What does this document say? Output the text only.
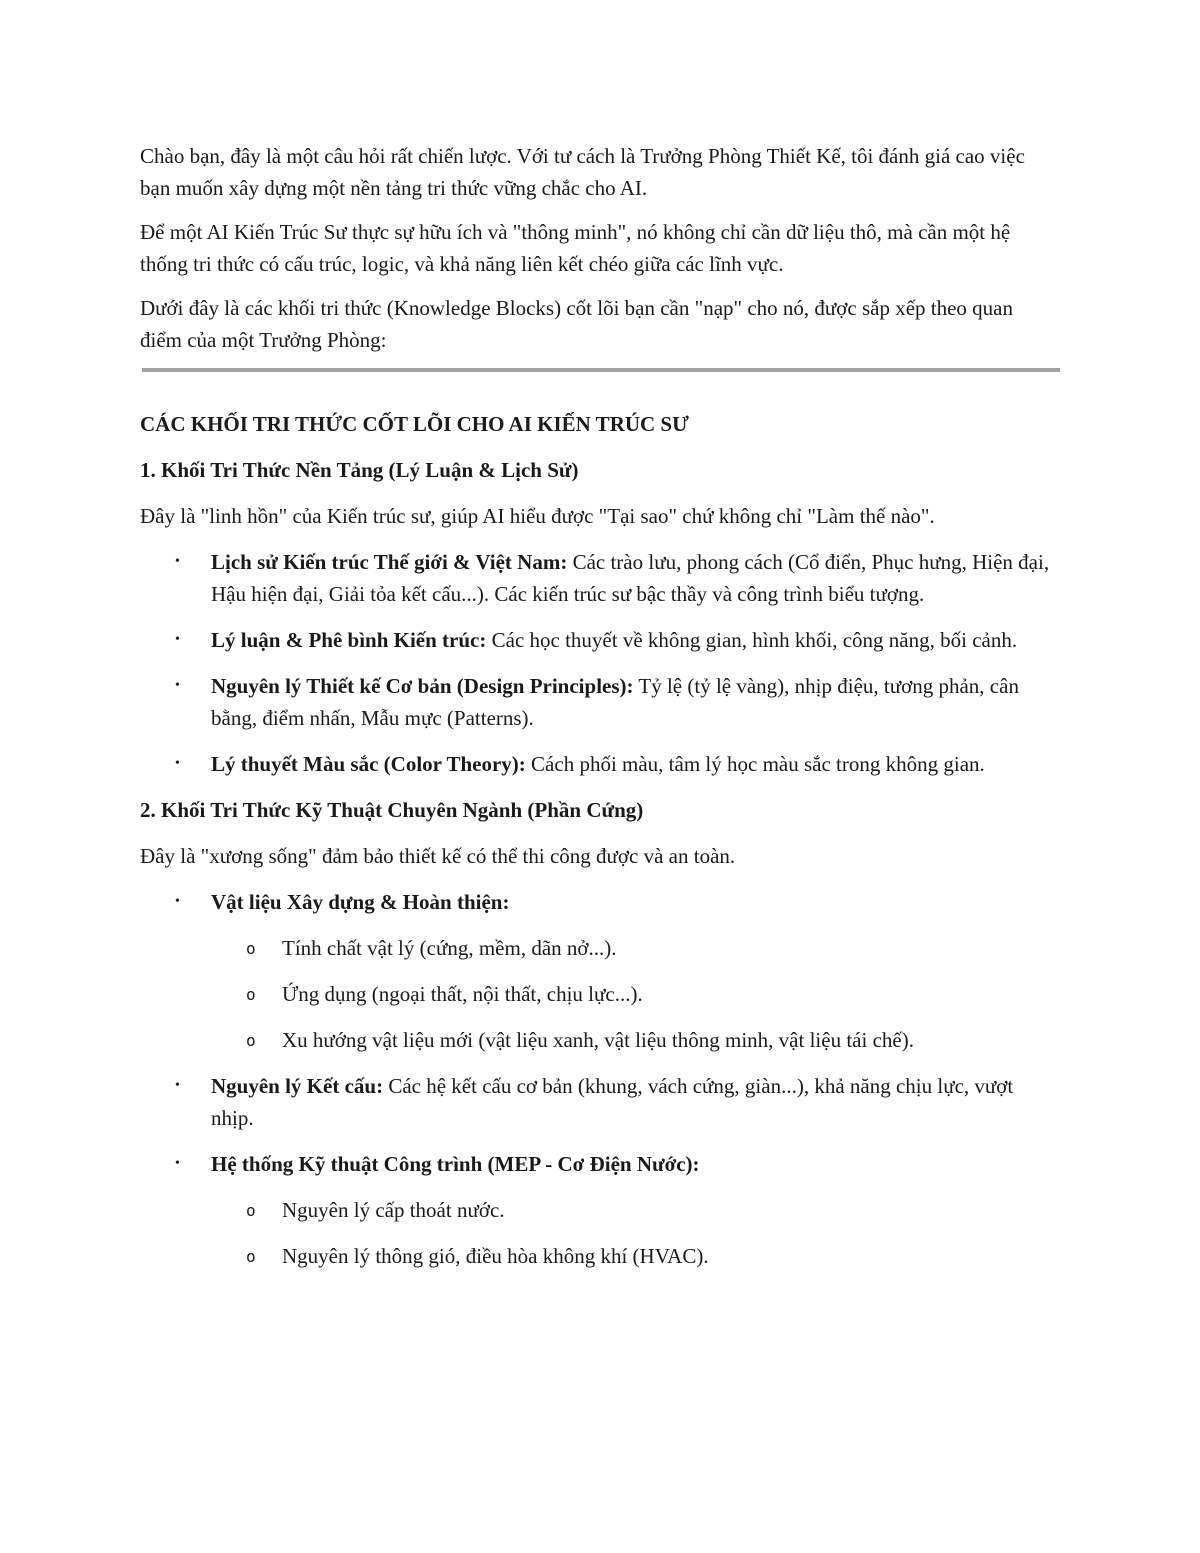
Chào bạn, đây là một câu hỏi rất chiến lược. Với tư cách là Trưởng Phòng Thiết Kế, tôi đánh giá cao việc bạn muốn xây dựng một nền tảng tri thức vững chắc cho AI.

Để một AI Kiến Trúc Sư thực sự hữu ích và "thông minh", nó không chỉ cần dữ liệu thô, mà cần một hệ thống tri thức có cấu trúc, logic, và khả năng liên kết chéo giữa các lĩnh vực.

Dưới đây là các khối tri thức (Knowledge Blocks) cốt lõi bạn cần "nạp" cho nó, được sắp xếp theo quan điểm của một Trưởng Phòng:

CÁC KHỐI TRI THỨC CỐT LÕI CHO AI KIẾN TRÚC SƯ

1. Khối Tri Thức Nền Tảng (Lý Luận & Lịch Sử)

Đây là "linh hồn" của Kiến trúc sư, giúp AI hiểu được "Tại sao" chứ không chỉ "Làm thế nào".

• Lịch sử Kiến trúc Thế giới & Việt Nam: Các trào lưu, phong cách (Cổ điển, Phục hưng, Hiện đại, Hậu hiện đại, Giải tỏa kết cấu...). Các kiến trúc sư bậc thầy và công trình biểu tượng.
• Lý luận & Phê bình Kiến trúc: Các học thuyết về không gian, hình khối, công năng, bối cảnh.
• Nguyên lý Thiết kế Cơ bản (Design Principles): Tỷ lệ (tỷ lệ vàng), nhịp điệu, tương phản, cân bằng, điểm nhấn, Mẫu mực (Patterns).
• Lý thuyết Màu sắc (Color Theory): Cách phối màu, tâm lý học màu sắc trong không gian.

2. Khối Tri Thức Kỹ Thuật Chuyên Ngành (Phần Cứng)

Đây là "xương sống" đảm bảo thiết kế có thể thi công được và an toàn.

• Vật liệu Xây dựng & Hoàn thiện:
o Tính chất vật lý (cứng, mềm, dãn nở...).
o Ứng dụng (ngoại thất, nội thất, chịu lực...).
o Xu hướng vật liệu mới (vật liệu xanh, vật liệu thông minh, vật liệu tái chế).
• Nguyên lý Kết cấu: Các hệ kết cấu cơ bản (khung, vách cứng, giàn...), khả năng chịu lực, vượt nhịp.
• Hệ thống Kỹ thuật Công trình (MEP - Cơ Điện Nước):
o Nguyên lý cấp thoát nước.
o Nguyên lý thông gió, điều hòa không khí (HVAC).
